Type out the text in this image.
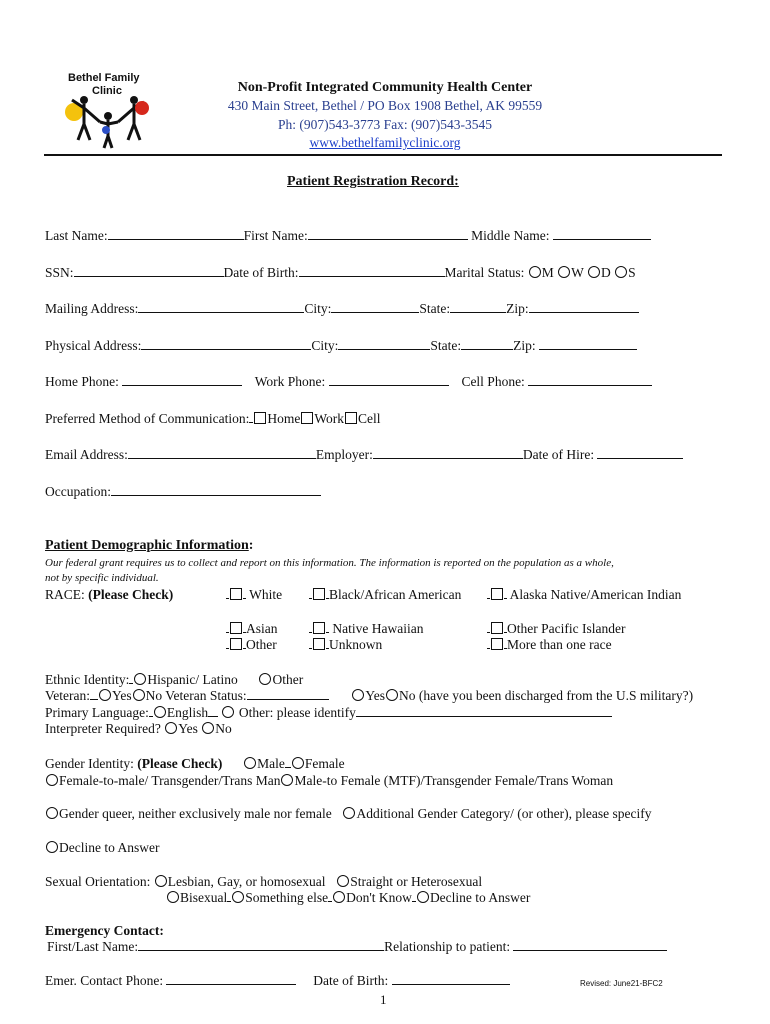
Bethel Family
Clinic	Non-Profit Integrated Community Health Center
430 Main Street, Bethel / PO Box 1908 Bethel, AK 99559
Ph: (907)543-3773 Fax: (907)543-3545
www.bethelfamilyclinic.org
Patient Registration Record:
Last Name:	First Name:	Middle Name:
SSN:	Date of Birth:	Marital Status: M W D S
Mailing Address:	City:	State:	Zip:
Physical Address:	City:	State:	Zip:
Home Phone:	Work Phone:	Cell Phone:
Preferred Method of Communication: Home Work Cell
Email Address:	Employer:	Date of Hire:
Occupation:
Patient Demographic Information:
Our federal grant requires us to collect and report on this information. The information is reported on the population as a whole,
not by specific individual.
RACE: (Please Check)	White	Black/African American	Alaska Native/American Indian
Asian	Native Hawaiian	Other Pacific Islander
Other	Unknown	More than one race
Ethnic Identity: Hispanic/ Latino	Other
Veteran: Yes No Veteran Status:	Yes No (have you been discharged from the U.S military?)
Primary Language: English Other: please identify
Interpreter Required? Yes No
Gender Identity: (Please Check)	Male Female
Female-to-male/ Transgender/Trans Man Male-to Female (MTF)/Transgender Female/Trans Woman
Gender queer, neither exclusively male nor female Additional Gender Category/ (or other), please specify
Decline to Answer
Sexual Orientation: Lesbian, Gay, or homosexual Straight or Heterosexual
Bisexual Something else Don't Know Decline to Answer
Emergency Contact:
First/Last Name:	Relationship to patient:
Emer. Contact Phone:	Date of Birth:	Revised: June21-BFC2
1
